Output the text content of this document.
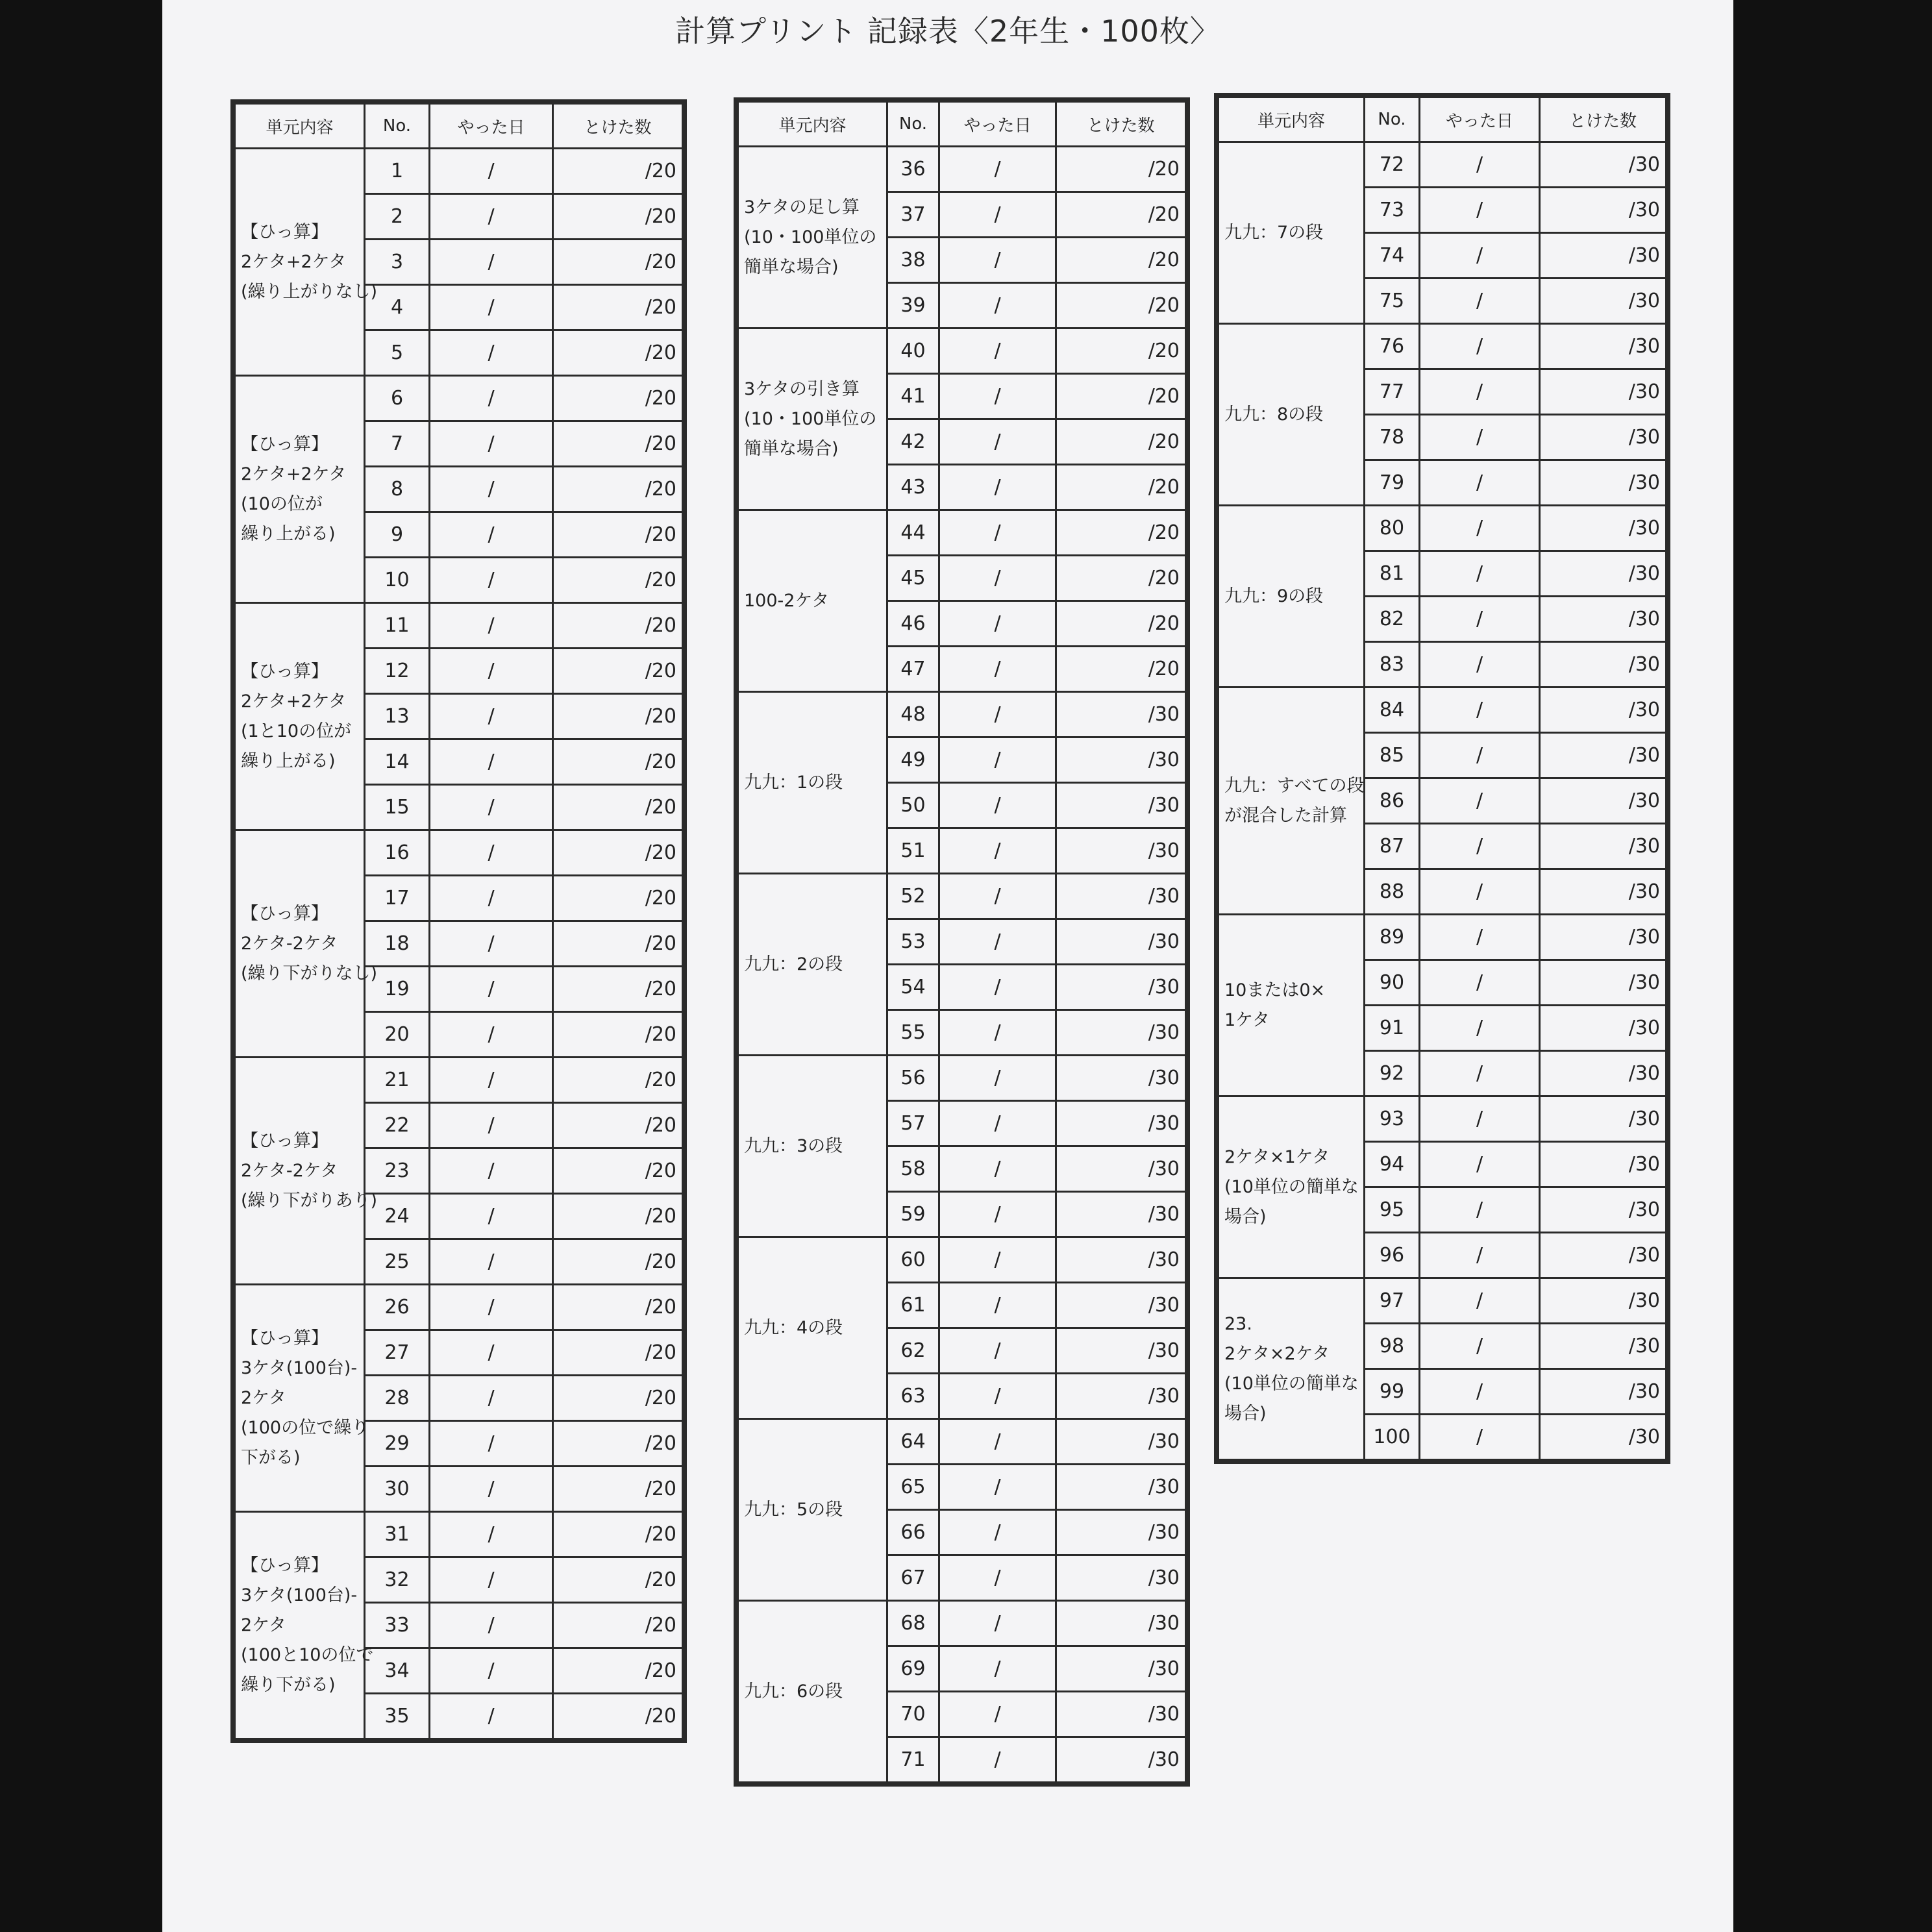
計算プリント 記録表〈2年生・100枚〉
単元内容	No.	やった日	とけた数

【ひっ算】
2ケタ+2ケタ
(繰り上がりなし)	1	/	/20
	2	/	/20
	3	/	/20
	4	/	/20
	5	/	/20

【ひっ算】
2ケタ+2ケタ
(10の位が
繰り上がる)	6	/	/20
	7	/	/20
	8	/	/20
	9	/	/20
	10	/	/20

【ひっ算】
2ケタ+2ケタ
(1と10の位が
繰り上がる)	11	/	/20
	12	/	/20
	13	/	/20
	14	/	/20
	15	/	/20

【ひっ算】
2ケタ-2ケタ
(繰り下がりなし)	16	/	/20
	17	/	/20
	18	/	/20
	19	/	/20
	20	/	/20

【ひっ算】
2ケタ-2ケタ
(繰り下がりあり)	21	/	/20
	22	/	/20
	23	/	/20
	24	/	/20
	25	/	/20

【ひっ算】
3ケタ(100台)-
2ケタ
(100の位で繰り
下がる)	26	/	/20
	27	/	/20
	28	/	/20
	29	/	/20
	30	/	/20

【ひっ算】
3ケタ(100台)-
2ケタ
(100と10の位で
繰り下がる)	31	/	/20
	32	/	/20
	33	/	/20
	34	/	/20
	35	/	/20
単元内容	No.	やった日	とけた数

3ケタの足し算
(10・100単位の
簡単な場合)	36	/	/20
	37	/	/20
	38	/	/20
	39	/	/20

3ケタの引き算
(10・100単位の
簡単な場合)	40	/	/20
	41	/	/20
	42	/	/20
	43	/	/20

100-2ケタ	44	/	/20
	45	/	/20
	46	/	/20
	47	/	/20

九九：1の段	48	/	/30
	49	/	/30
	50	/	/30
	51	/	/30

九九：2の段	52	/	/30
	53	/	/30
	54	/	/30
	55	/	/30

九九：3の段	56	/	/30
	57	/	/30
	58	/	/30
	59	/	/30

九九：4の段	60	/	/30
	61	/	/30
	62	/	/30
	63	/	/30

九九：5の段	64	/	/30
	65	/	/30
	66	/	/30
	67	/	/30

九九：6の段	68	/	/30
	69	/	/30
	70	/	/30
	71	/	/30
単元内容	No.	やった日	とけた数

九九：7の段	72	/	/30
	73	/	/30
	74	/	/30
	75	/	/30

九九：8の段	76	/	/30
	77	/	/30
	78	/	/30
	79	/	/30

九九：9の段	80	/	/30
	81	/	/30
	82	/	/30
	83	/	/30

九九：すべての段
が混合した計算	84	/	/30
	85	/	/30
	86	/	/30
	87	/	/30
	88	/	/30

10または0×
1ケタ	89	/	/30
	90	/	/30
	91	/	/30
	92	/	/30

2ケタ×1ケタ
(10単位の簡単な
場合)	93	/	/30
	94	/	/30
	95	/	/30
	96	/	/30

23.
2ケタ×2ケタ
(10単位の簡単な
場合)	97	/	/30
	98	/	/30
	99	/	/30
	100	/	/30
